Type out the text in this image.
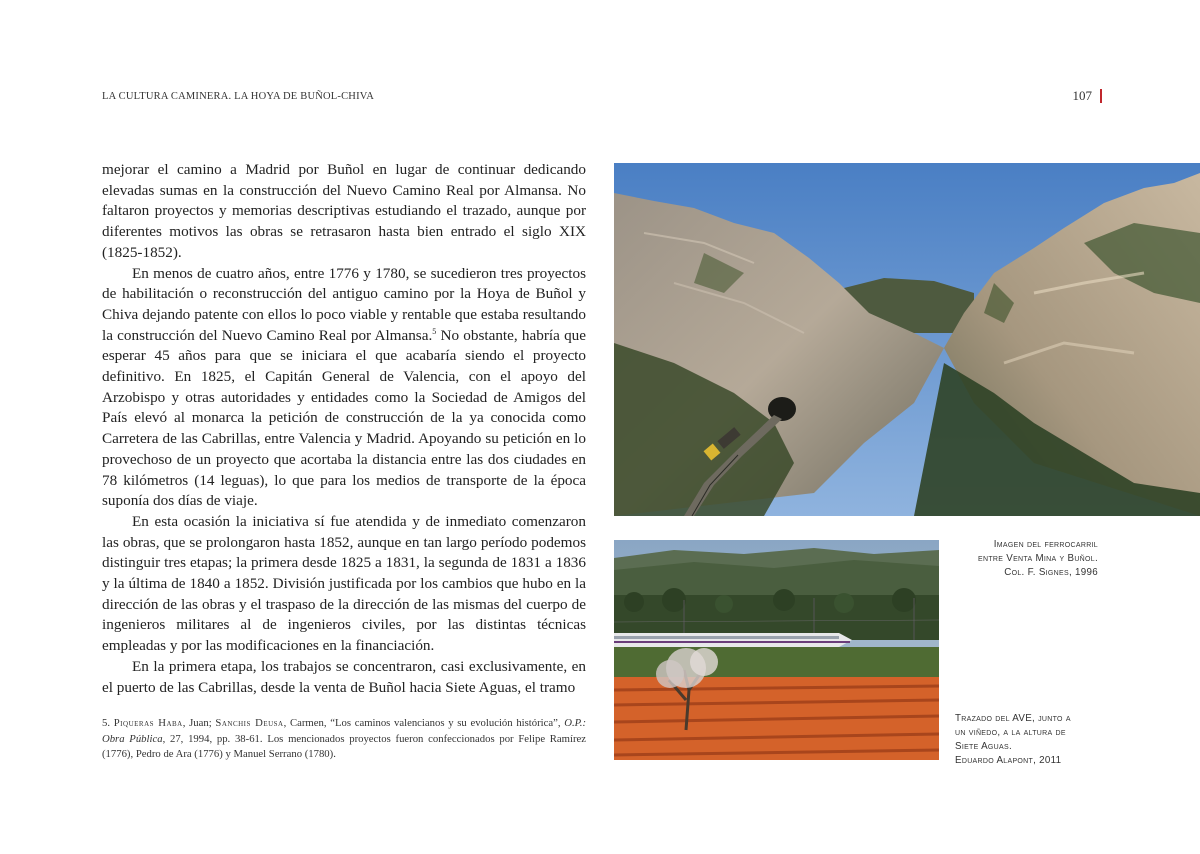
LA CULTURA CAMINERA. LA HOYA DE BUÑOL-CHIVA	107

mejorar el camino a Madrid por Buñol en lugar de continuar dedicando elevadas sumas en la construcción del Nuevo Camino Real por Almansa. No faltaron proyectos y memorias descriptivas estudiando el trazado, aunque por diferentes motivos las obras se retrasaron hasta bien entrado el siglo XIX (1825-1852).

En menos de cuatro años, entre 1776 y 1780, se sucedieron tres proyectos de habilitación o reconstrucción del antiguo camino por la Hoya de Buñol y Chiva dejando patente con ellos lo poco viable y rentable que estaba resultando la construcción del Nuevo Camino Real por Almansa.$^5$ No obstante, habría que esperar 45 años para que se iniciara el que acabaría siendo el proyecto definitivo. En 1825, el Capitán General de Valencia, con el apoyo del Arzobispo y otras autoridades y entidades como la Sociedad de Amigos del País elevó al monarca la petición de construcción de la ya conocida como Carretera de las Cabrillas, entre Valencia y Madrid. Apoyando su petición en lo provechoso de un proyecto que acortaba la distancia entre las dos ciudades en 78 kilómetros (14 leguas), lo que para los medios de transporte de la época suponía dos días de viaje.

En esta ocasión la iniciativa sí fue atendida y de inmediato comenzaron las obras, que se prolongaron hasta 1852, aunque en tan largo período podemos distinguir tres etapas; la primera desde 1825 a 1831, la segunda de 1831 a 1836 y la última de 1840 a 1852. División justificada por los cambios que hubo en la dirección de las obras y el traspaso de la dirección de las mismas del cuerpo de ingenieros militares al de ingenieros civiles, por las distintas técnicas empleadas y por las modificaciones en la financiación.

En la primera etapa, los trabajos se concentraron, casi exclusivamente, en el puerto de las Cabrillas, desde la venta de Buñol hacia Siete Aguas, el tramo

5. Piqueras Haba, Juan; Sanchis Deusa, Carmen, “Los caminos valencianos y su evolución histórica”, O.P.: Obra Pública, 27, 1994, pp. 38-61. Los mencionados proyectos fueron confeccionados por Felipe Ramírez (1776), Pedro de Ara (1776) y Manuel Serrano (1780).
Imagen del ferrocarril
entre Venta Mina y Buñol.
Col. F. Signes, 1996
Trazado del AVE, junto a
un viñedo, a la altura de
Siete Aguas.
Eduardo Alapont, 2011
